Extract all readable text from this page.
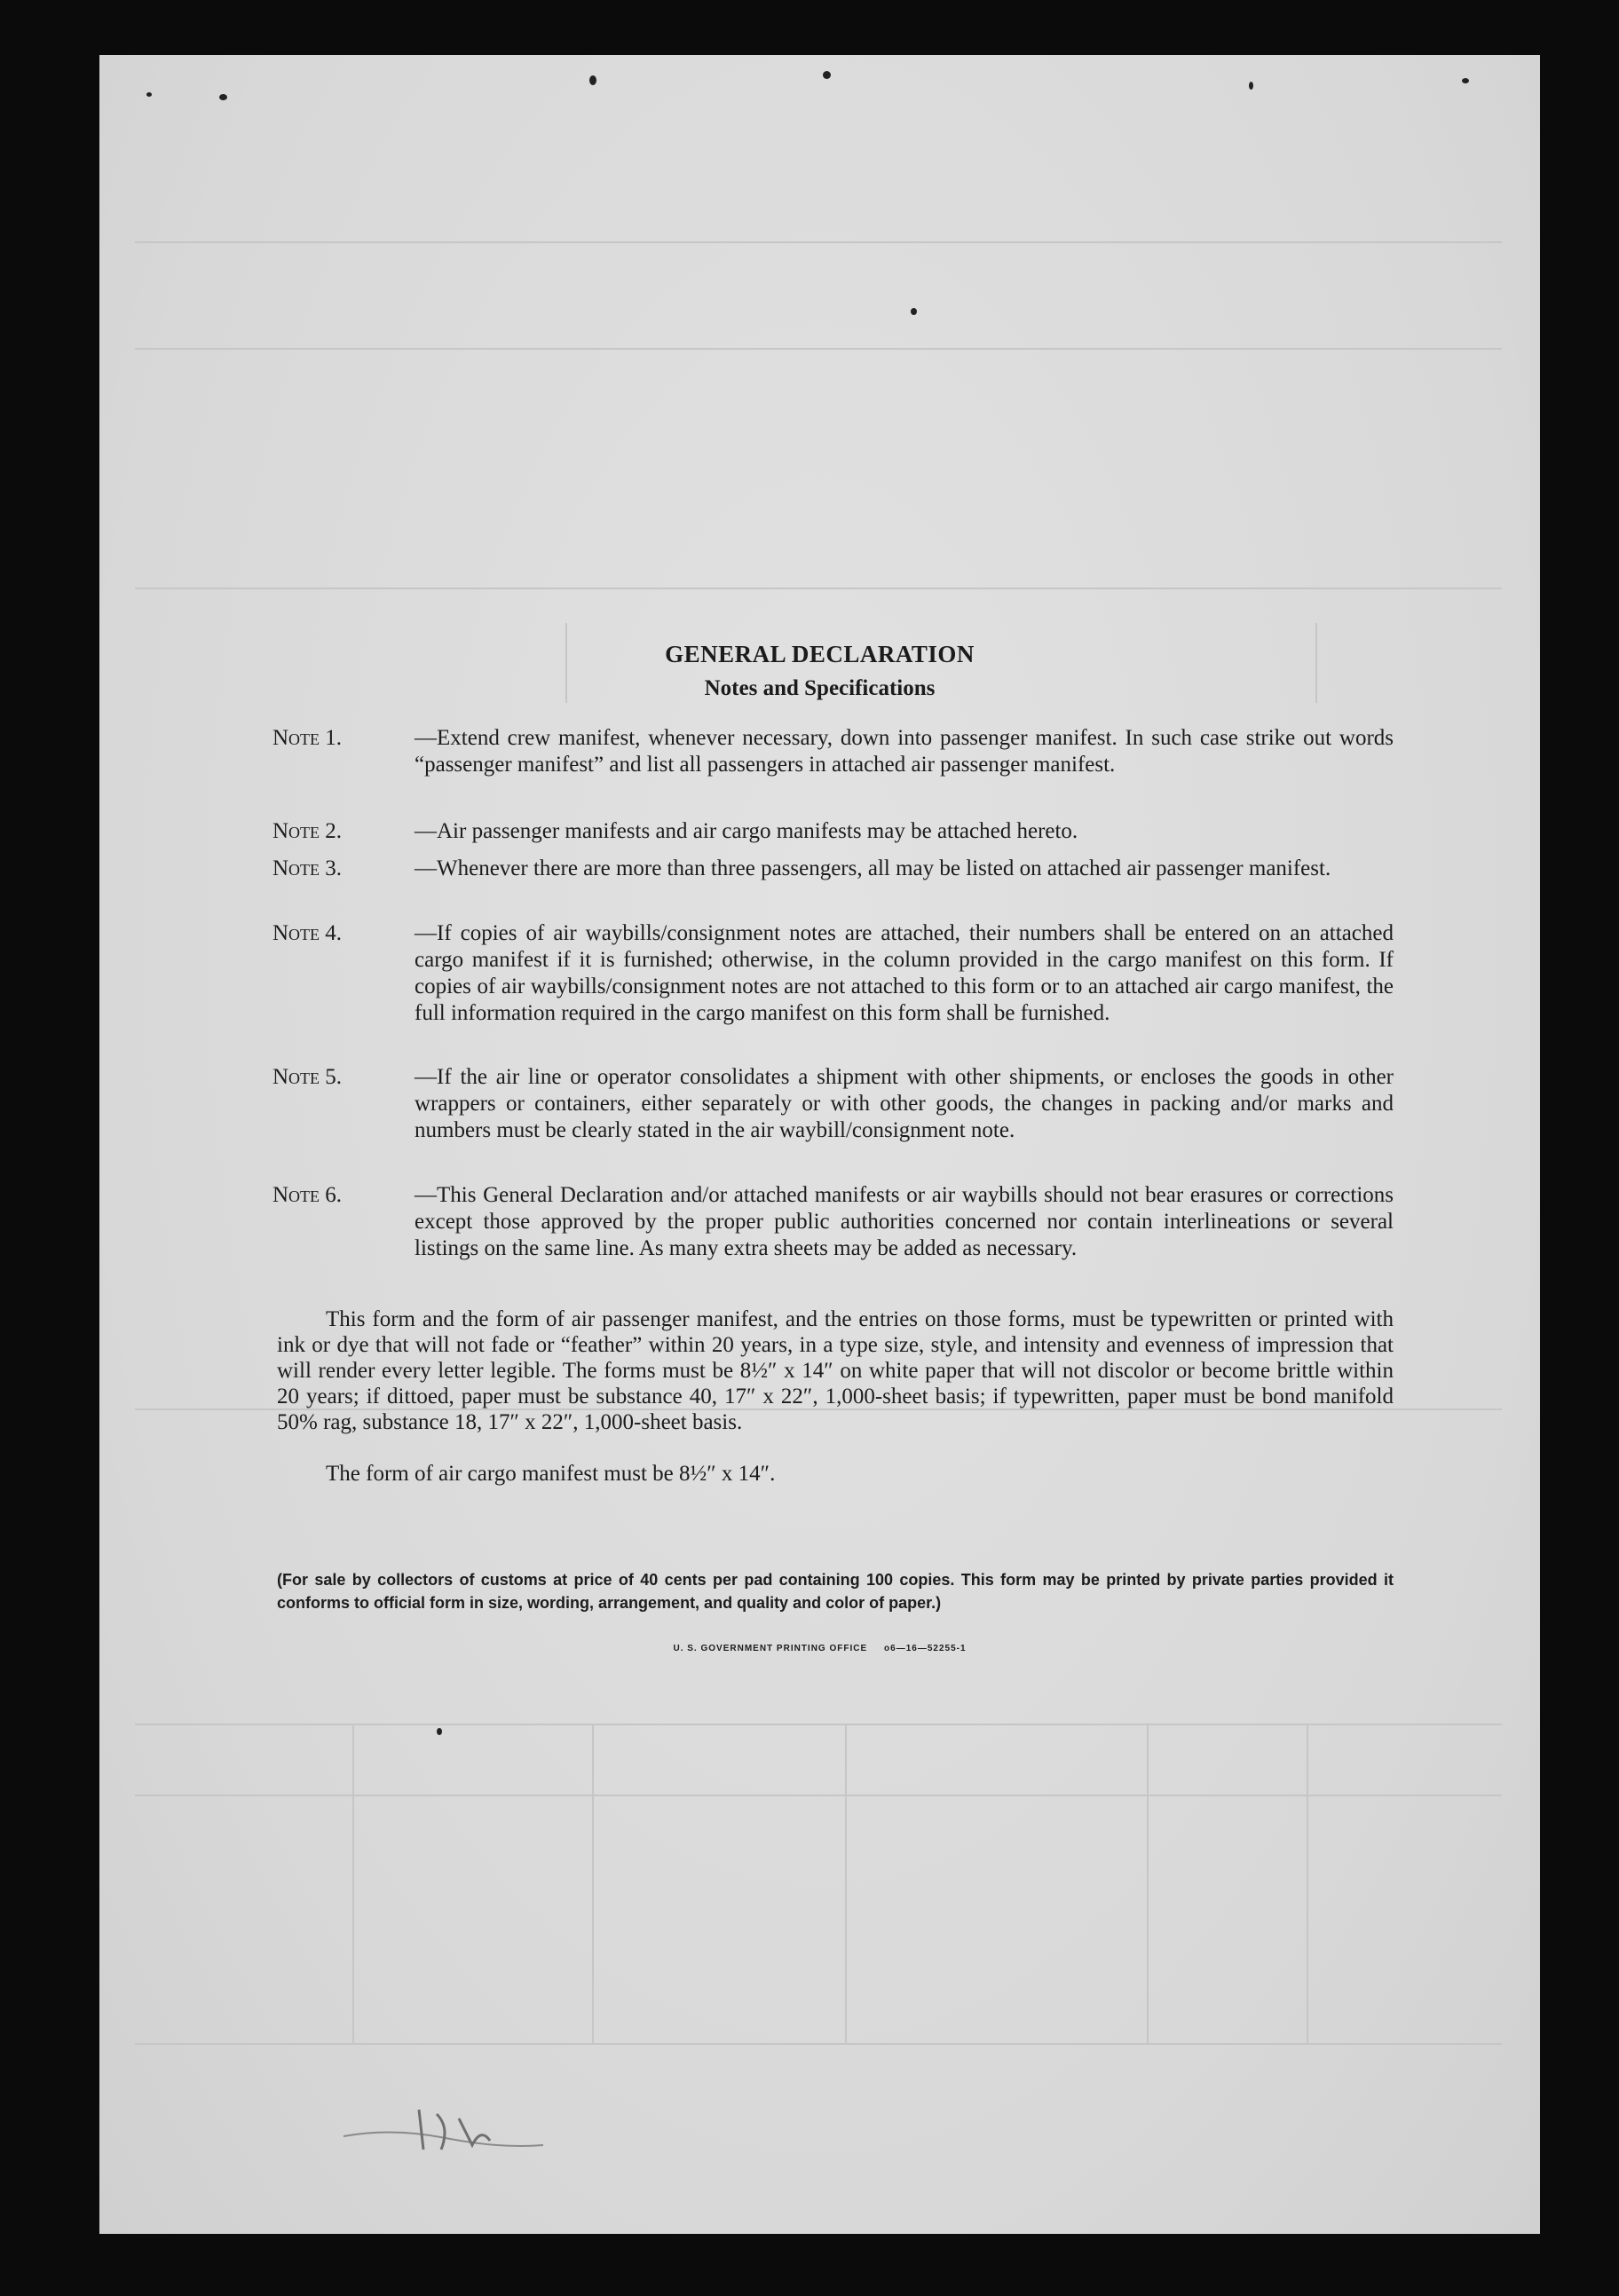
GENERAL DECLARATION
Notes and Specifications
Note 1.	—Extend crew manifest, whenever necessary, down into passenger manifest. In such case strike out words “passenger manifest” and list all passengers in attached air passenger manifest.
Note 2.	—Air passenger manifests and air cargo manifests may be attached hereto.
Note 3.	—Whenever there are more than three passengers, all may be listed on attached air passenger manifest.
Note 4.	—If copies of air waybills/consignment notes are attached, their numbers shall be entered on an attached cargo manifest if it is furnished; otherwise, in the column provided in the cargo manifest on this form. If copies of air waybills/consignment notes are not attached to this form or to an attached air cargo manifest, the full information required in the cargo manifest on this form shall be furnished.
Note 5.	—If the air line or operator consolidates a shipment with other shipments, or encloses the goods in other wrappers or containers, either separately or with other goods, the changes in packing and/or marks and numbers must be clearly stated in the air waybill/consignment note.
Note 6.	—This General Declaration and/or attached manifests or air waybills should not bear erasures or corrections except those approved by the proper public authorities concerned nor contain interlineations or several listings on the same line. As many extra sheets may be added as necessary.
This form and the form of air passenger manifest, and the entries on those forms, must be typewritten or printed with ink or dye that will not fade or “feather” within 20 years, in a type size, style, and intensity and evenness of impression that will render every letter legible. The forms must be 8½″ x 14″ on white paper that will not discolor or become brittle within 20 years; if dittoed, paper must be substance 40, 17″ x 22″, 1,000-sheet basis; if typewritten, paper must be bond manifold 50% rag, substance 18, 17″ x 22″, 1,000-sheet basis.
The form of air cargo manifest must be 8½″ x 14″.
(For sale by collectors of customs at price of 40 cents per pad containing 100 copies. This form may be printed by private parties provided it conforms to official form in size, wording, arrangement, and quality and color of paper.)
U. S. GOVERNMENT PRINTING OFFICE     o6—16—52255-1
